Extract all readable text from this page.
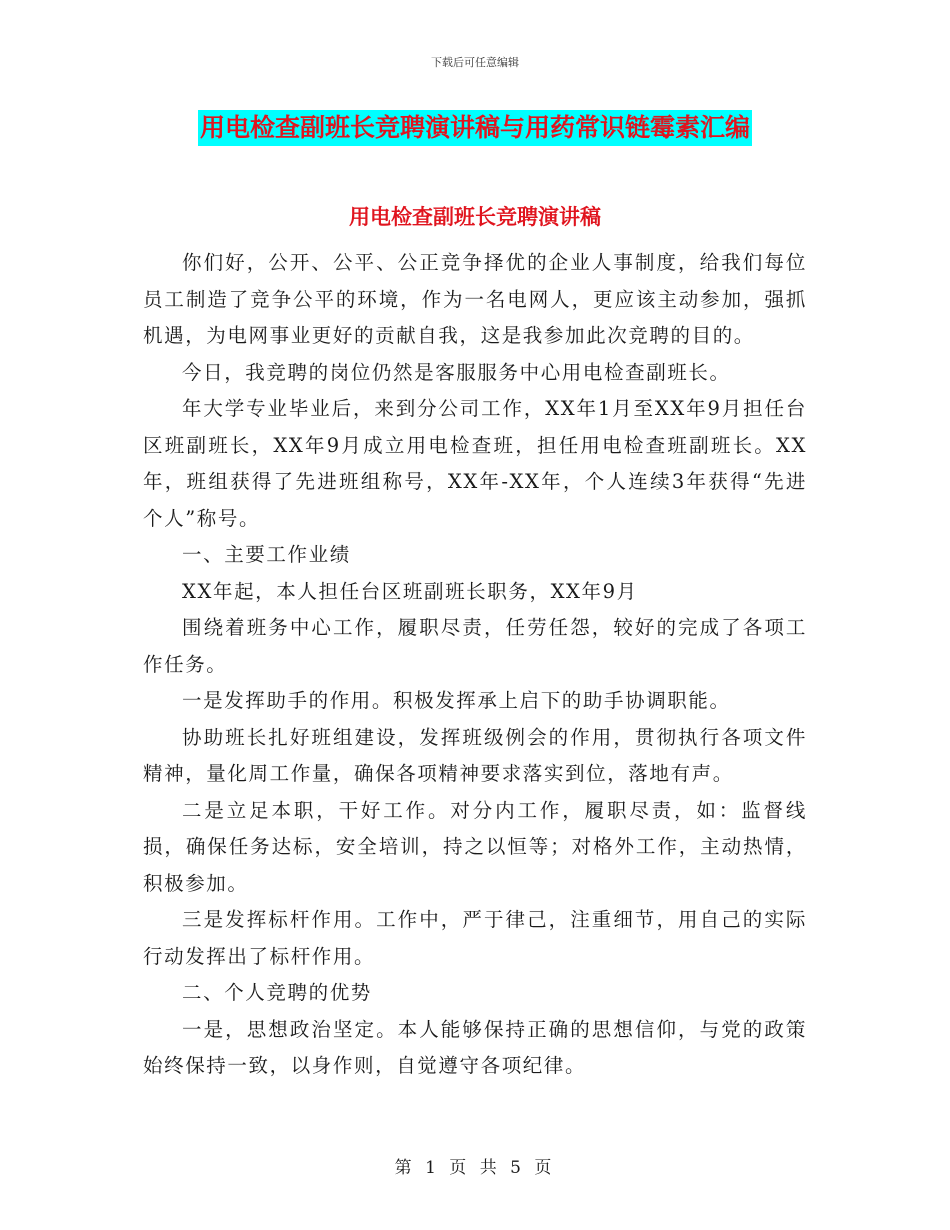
下载后可任意编辑
用电检查副班长竞聘演讲稿与用药常识链霉素汇编
用电检查副班长竞聘演讲稿

你们好，公开、公平、公正竞争择优的企业人事制度，给我们每位员工制造了竞争公平的环境，作为一名电网人，更应该主动参加，强抓机遇，为电网事业更好的贡献自我，这是我参加此次竞聘的目的。

今日，我竞聘的岗位仍然是客服服务中心用电检查副班长。

年大学专业毕业后，来到分公司工作，XX年1月至XX年9月担任台区班副班长，XX年9月成立用电检查班，担任用电检查班副班长。XX年，班组获得了先进班组称号，XX年-XX年，个人连续3年获得“先进个人”称号。

一、主要工作业绩

XX年起，本人担任台区班副班长职务，XX年9月

围绕着班务中心工作，履职尽责，任劳任怨，较好的完成了各项工作任务。

一是发挥助手的作用。积极发挥承上启下的助手协调职能。

协助班长扎好班组建设，发挥班级例会的作用，贯彻执行各项文件精神，量化周工作量，确保各项精神要求落实到位，落地有声。

二是立足本职，干好工作。对分内工作，履职尽责，如：监督线损，确保任务达标，安全培训，持之以恒等；对格外工作，主动热情，积极参加。

三是发挥标杆作用。工作中，严于律己，注重细节，用自己的实际行动发挥出了标杆作用。

二、个人竞聘的优势

一是，思想政治坚定。本人能够保持正确的思想信仰，与党的政策始终保持一致，以身作则，自觉遵守各项纪律。

第 1 页 共 5 页
